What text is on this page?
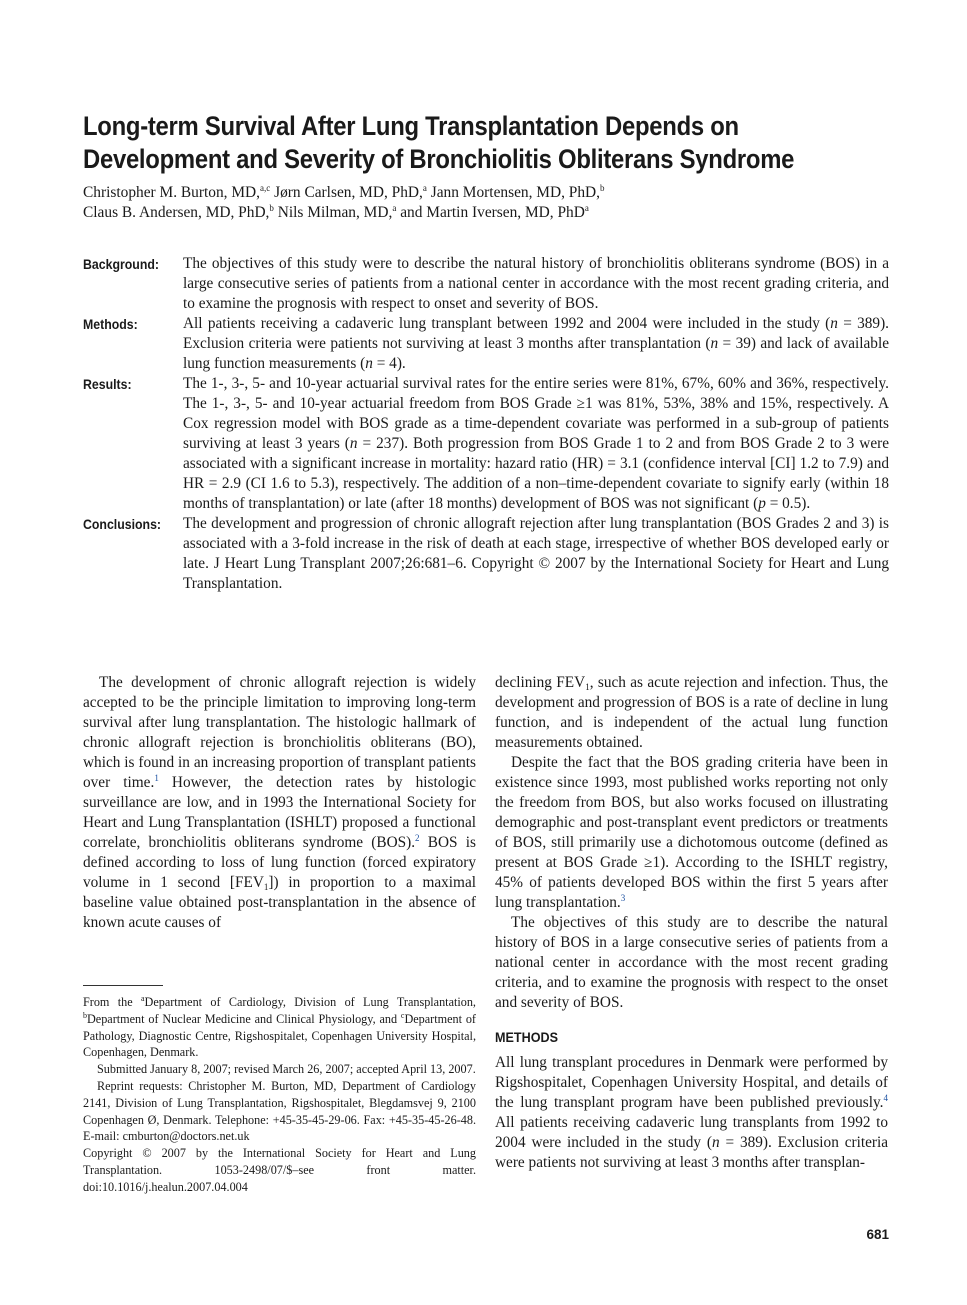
Long-term Survival After Lung Transplantation Depends on Development and Severity of Bronchiolitis Obliterans Syndrome
Christopher M. Burton, MD,$^{a,c}$ Jørn Carlsen, MD, PhD,$^a$ Jann Mortensen, MD, PhD,$^b$
Claus B. Andersen, MD, PhD,$^b$ Nils Milman, MD,$^a$ and Martin Iversen, MD, PhD$^a$
Background:	The objectives of this study were to describe the natural history of bronchiolitis obliterans syndrome (BOS) in a large consecutive series of patients from a national center in accordance with the most recent grading criteria, and to examine the prognosis with respect to onset and severity of BOS.
Methods:	All patients receiving a cadaveric lung transplant between 1992 and 2004 were included in the study (n = 389). Exclusion criteria were patients not surviving at least 3 months after transplantation (n = 39) and lack of available lung function measurements (n = 4).
Results:	The 1-, 3-, 5- and 10-year actuarial survival rates for the entire series were 81%, 67%, 60% and 36%, respectively. The 1-, 3-, 5- and 10-year actuarial freedom from BOS Grade ≥1 was 81%, 53%, 38% and 15%, respectively. A Cox regression model with BOS grade as a time-dependent covariate was performed in a sub-group of patients surviving at least 3 years (n = 237). Both progression from BOS Grade 1 to 2 and from BOS Grade 2 to 3 were associated with a significant increase in mortality: hazard ratio (HR) = 3.1 (confidence interval [CI] 1.2 to 7.9) and HR = 2.9 (CI 1.6 to 5.3), respectively. The addition of a non–time-dependent covariate to signify early (within 18 months of transplantation) or late (after 18 months) development of BOS was not significant (p = 0.5).
Conclusions:	The development and progression of chronic allograft rejection after lung transplantation (BOS Grades 2 and 3) is associated with a 3-fold increase in the risk of death at each stage, irrespective of whether BOS developed early or late. J Heart Lung Transplant 2007;26:681–6. Copyright © 2007 by the International Society for Heart and Lung Transplantation.

The development of chronic allograft rejection is widely accepted to be the principle limitation to improving long-term survival after lung transplantation. The histologic hallmark of chronic allograft rejection is bronchiolitis obliterans (BO), which is found in an increasing proportion of transplant patients over time.$^1$ However, the detection rates by histologic surveillance are low, and in 1993 the International Society for Heart and Lung Transplantation (ISHLT) proposed a functional correlate, bronchiolitis obliterans syndrome (BOS).$^2$ BOS is defined according to loss of lung function (forced expiratory volume in 1 second $[FEV_1]$) in proportion to a maximal baseline value obtained post-transplantation in the absence of known acute causes of

From the $^a$Department of Cardiology, Division of Lung Transplantation, $^b$Department of Nuclear Medicine and Clinical Physiology, and $^c$Department of Pathology, Diagnostic Centre, Rigshospitalet, Copenhagen University Hospital, Copenhagen, Denmark.

Submitted January 8, 2007; revised March 26, 2007; accepted April 13, 2007.

Reprint requests: Christopher M. Burton, MD, Department of Cardiology 2141, Division of Lung Transplantation, Rigshospitalet, Blegdamsvej 9, 2100 Copenhagen Ø, Denmark. Telephone: +45-35-45-29-06. Fax: +45-35-45-26-48. E-mail: cmburton@doctors.net.uk

Copyright © 2007 by the International Society for Heart and Lung Transplantation. 1053-2498/07/$–see front matter. doi:10.1016/j.healun.2007.04.004

declining $FEV_1$, such as acute rejection and infection. Thus, the development and progression of BOS is a rate of decline in lung function, and is independent of the actual lung function measurements obtained.

Despite the fact that the BOS grading criteria have been in existence since 1993, most published works reporting not only the freedom from BOS, but also works focused on illustrating demographic and post-transplant event predictors or treatments of BOS, still primarily use a dichotomous outcome (defined as present at BOS Grade ≥1). According to the ISHLT registry, 45% of patients developed BOS within the first 5 years after lung transplantation.$^3$

The objectives of this study are to describe the natural history of BOS in a large consecutive series of patients from a national center in accordance with the most recent grading criteria, and to examine the prognosis with respect to the onset and severity of BOS.

METHODS

All lung transplant procedures in Denmark were performed by Rigshospitalet, Copenhagen University Hospital, and details of the lung transplant program have been published previously.$^4$ All patients receiving cadaveric lung transplants from 1992 to 2004 were included in the study (n = 389). Exclusion criteria were patients not surviving at least 3 months after transplan-

681
